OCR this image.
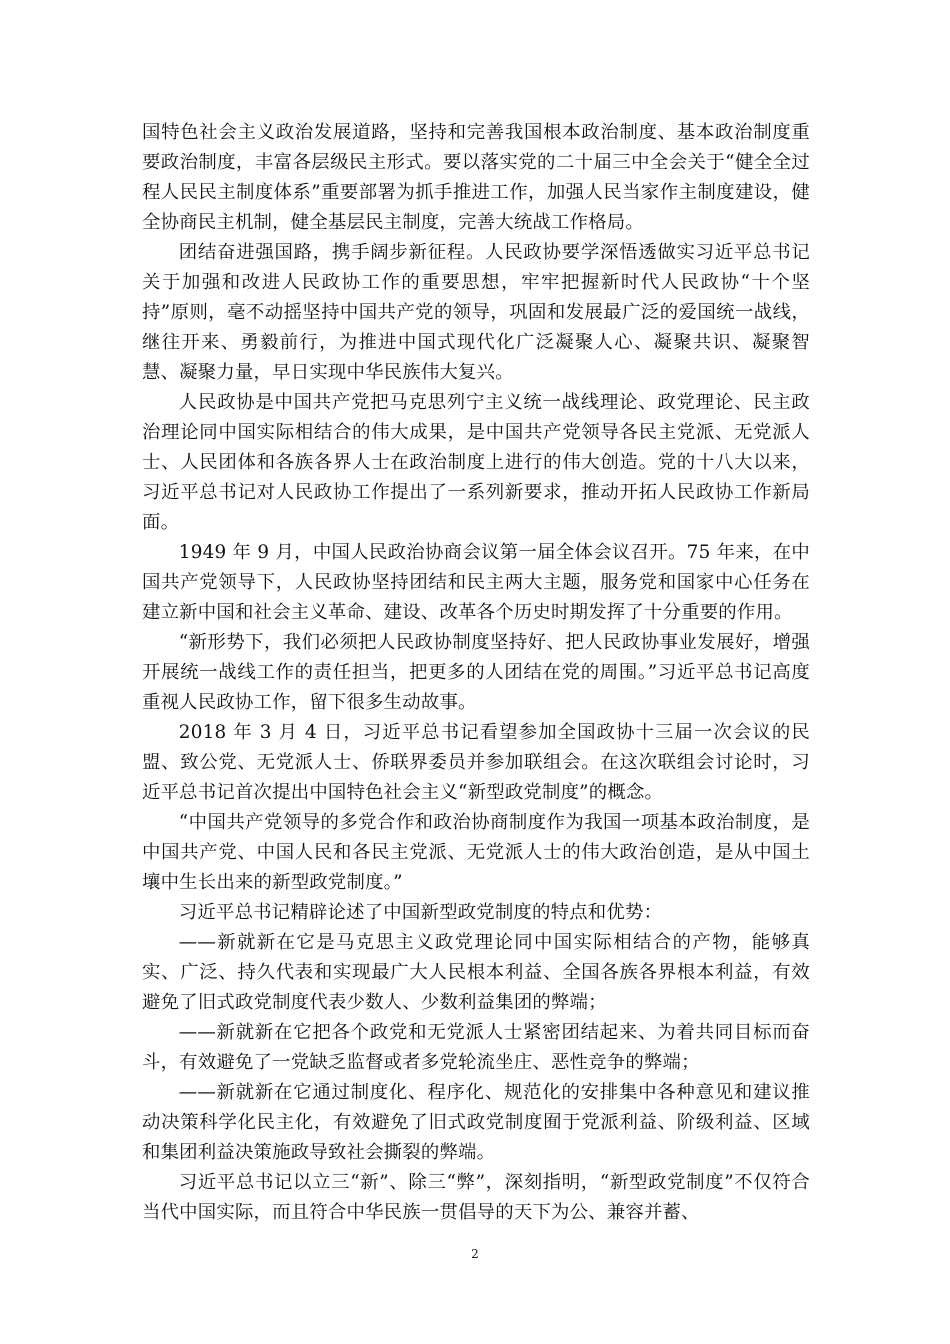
国特色社会主义政治发展道路，坚持和完善我国根本政治制度、基本政治制度重要政治制度，丰富各层级民主形式。要以落实党的二十届三中全会关于“健全全过程人民民主制度体系”重要部署为抓手推进工作，加强人民当家作主制度建设，健全协商民主机制，健全基层民主制度，完善大统战工作格局。

团结奋进强国路，携手阔步新征程。人民政协要学深悟透做实习近平总书记关于加强和改进人民政协工作的重要思想，牢牢把握新时代人民政协“十个坚持”原则，毫不动摇坚持中国共产党的领导，巩固和发展最广泛的爱国统一战线，继往开来、勇毅前行，为推进中国式现代化广泛凝聚人心、凝聚共识、凝聚智慧、凝聚力量，早日实现中华民族伟大复兴。

人民政协是中国共产党把马克思列宁主义统一战线理论、政党理论、民主政治理论同中国实际相结合的伟大成果，是中国共产党领导各民主党派、无党派人士、人民团体和各族各界人士在政治制度上进行的伟大创造。党的十八大以来，习近平总书记对人民政协工作提出了一系列新要求，推动开拓人民政协工作新局面。

1949 年 9 月，中国人民政治协商会议第一届全体会议召开。75 年来，在中国共产党领导下，人民政协坚持团结和民主两大主题，服务党和国家中心任务在建立新中国和社会主义革命、建设、改革各个历史时期发挥了十分重要的作用。

“新形势下，我们必须把人民政协制度坚持好、把人民政协事业发展好，增强开展统一战线工作的责任担当，把更多的人团结在党的周围。”习近平总书记高度重视人民政协工作，留下很多生动故事。

2018 年 3 月 4 日，习近平总书记看望参加全国政协十三届一次会议的民盟、致公党、无党派人士、侨联界委员并参加联组会。在这次联组会讨论时，习近平总书记首次提出中国特色社会主义“新型政党制度”的概念。

“中国共产党领导的多党合作和政治协商制度作为我国一项基本政治制度，是中国共产党、中国人民和各民主党派、无党派人士的伟大政治创造，是从中国土壤中生长出来的新型政党制度。”

习近平总书记精辟论述了中国新型政党制度的特点和优势：

——新就新在它是马克思主义政党理论同中国实际相结合的产物，能够真实、广泛、持久代表和实现最广大人民根本利益、全国各族各界根本利益，有效避免了旧式政党制度代表少数人、少数利益集团的弊端；

——新就新在它把各个政党和无党派人士紧密团结起来、为着共同目标而奋斗，有效避免了一党缺乏监督或者多党轮流坐庄、恶性竞争的弊端；

——新就新在它通过制度化、程序化、规范化的安排集中各种意见和建议推动决策科学化民主化，有效避免了旧式政党制度囿于党派利益、阶级利益、区域和集团利益决策施政导致社会撕裂的弊端。

习近平总书记以立三“新”、除三“弊”，深刻指明，“新型政党制度”不仅符合当代中国实际，而且符合中华民族一贯倡导的天下为公、兼容并蓄、

2
